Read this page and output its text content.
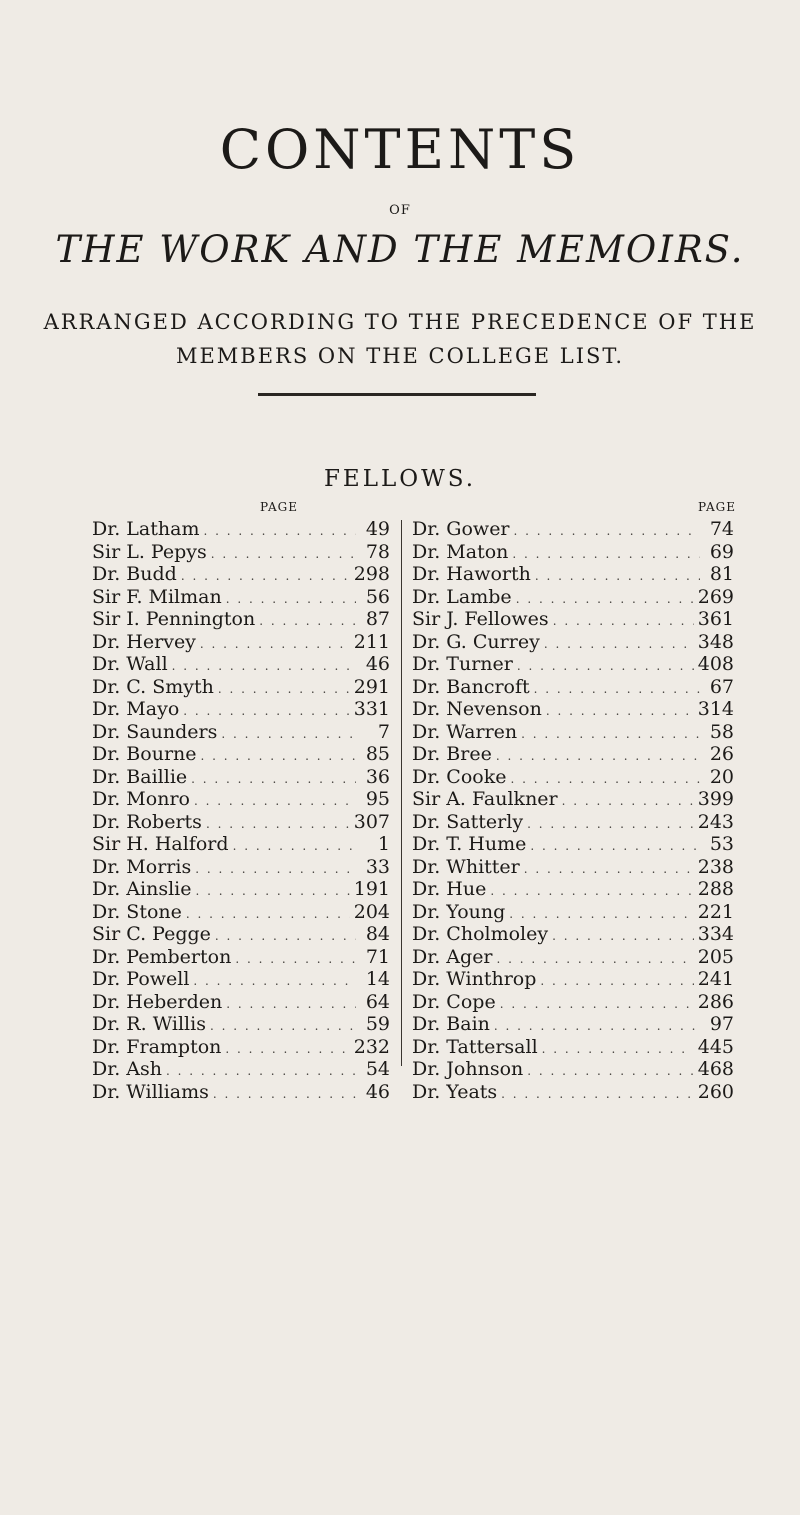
CONTENTS
OF
THE WORK AND THE MEMOIRS.
ARRANGED ACCORDING TO THE PRECEDENCE OF THE
MEMBERS ON THE COLLEGE LIST.
FELLOWS.
PAGE	PAGE
Dr. Latham . . .	49
Sir L. Pepys . . .	78
Dr. Budd . . .	298
Sir F. Milman . . .	56
Sir I. Pennington . . .	87
Dr. Hervey . . .	211
Dr. Wall . . .	46
Dr. C. Smyth . . .	291
Dr. Mayo . . .	331
Dr. Saunders . . .	7
Dr. Bourne . . .	85
Dr. Baillie . . .	36
Dr. Monro . . .	95
Dr. Roberts . . .	307
Sir H. Halford . . .	1
Dr. Morris . . .	33
Dr. Ainslie . . .	191
Dr. Stone . . .	204
Sir C. Pegge . . .	84
Dr. Pemberton . . .	71
Dr. Powell . . .	14
Dr. Heberden . . .	64
Dr. R. Willis . . .	59
Dr. Frampton . . .	232
Dr. Ash . . .	54
Dr. Williams . . .	46
Dr. Gower . . .	74
Dr. Maton . . .	69
Dr. Haworth . . .	81
Dr. Lambe . . .	269
Sir J. Fellowes . . .	361
Dr. G. Currey . . .	348
Dr. Turner . . .	408
Dr. Bancroft . . .	67
Dr. Nevenson . . .	314
Dr. Warren . . .	58
Dr. Bree . . .	26
Dr. Cooke . . .	20
Sir A. Faulkner . . .	399
Dr. Satterly . . .	243
Dr. T. Hume . . .	53
Dr. Whitter . . .	238
Dr. Hue . . .	288
Dr. Young . . .	221
Dr. Cholmoley . . .	334
Dr. Ager . . .	205
Dr. Winthrop . . .	241
Dr. Cope . . .	286
Dr. Bain . . .	97
Dr. Tattersall . . .	445
Dr. Johnson . . .	468
Dr. Yeats . . .	260
